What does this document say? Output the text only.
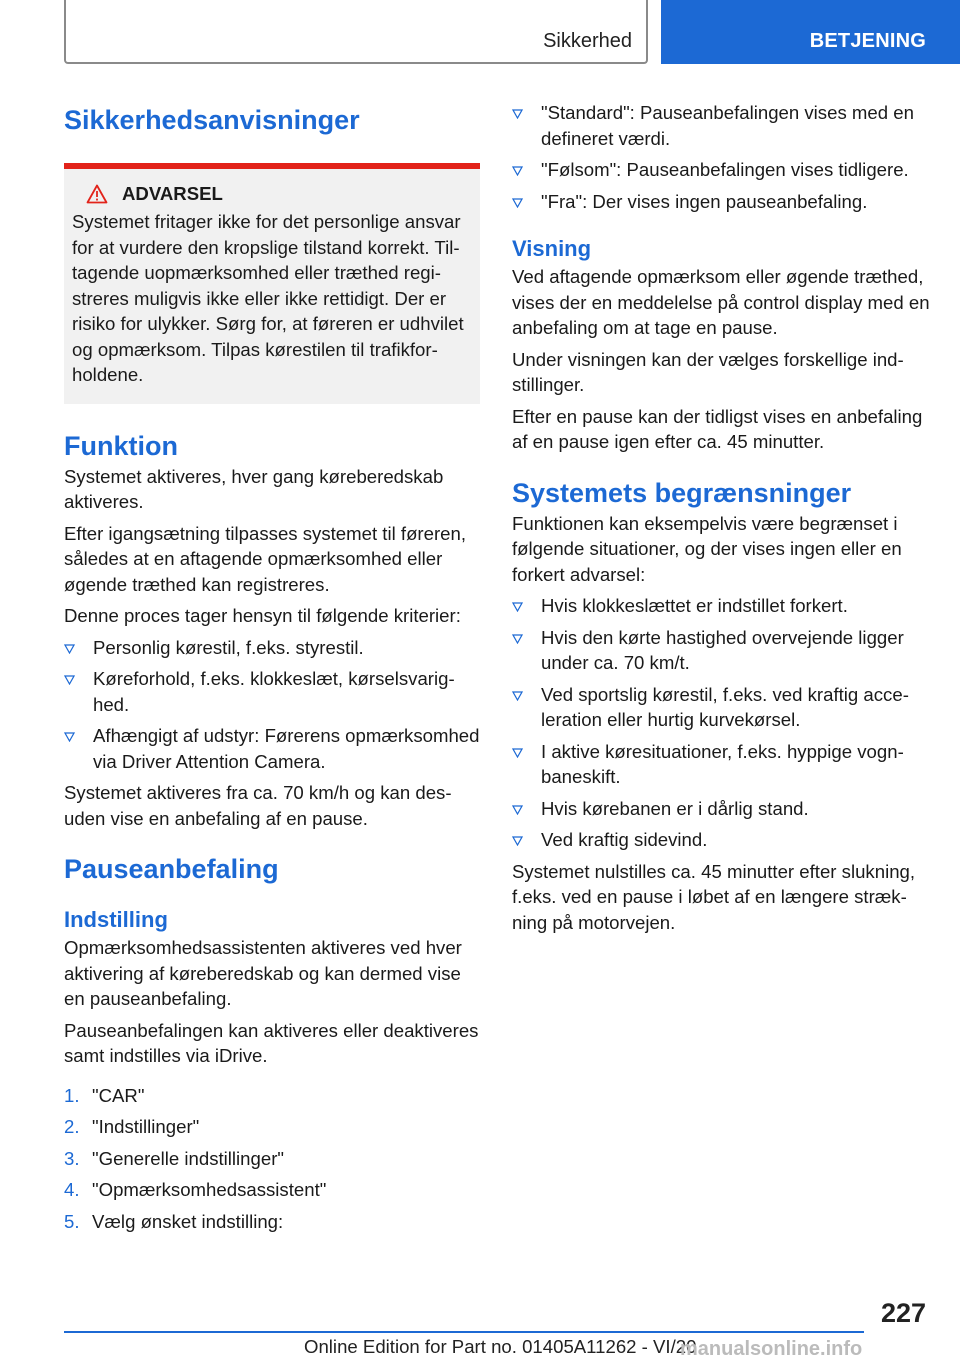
Sikkerhed	BETJENING
Sikkerhedsanvisninger
ADVARSEL
Systemet fritager ikke for det personlige ansvar for at vurdere den kropslige tilstand korrekt. Tiltagende uopmærksomhed eller træthed registreres muligvis ikke eller ikke rettidigt. Der er risiko for ulykker. Sørg for, at føreren er udhvilet og opmærksom. Tilpas kørestilen til trafikforholdene.
Funktion

Systemet aktiveres, hver gang køreberedskab aktiveres.

Efter igangsætning tilpasses systemet til føreren, således at en aftagende opmærksomhed eller øgende træthed kan registreres.

Denne proces tager hensyn til følgende kriterier:

Personlig kørestil, f.eks. styrestil.
Køreforhold, f.eks. klokkeslæt, kørselsvarighed.
Afhængigt af udstyr: Førerens opmærksomhed via Driver Attention Camera.

Systemet aktiveres fra ca. 70 km/h og kan desuden vise en anbefaling af en pause.

Pauseanbefaling
Indstilling

Opmærksomhedsassistenten aktiveres ved hver aktivering af køreberedskab og kan dermed vise en pauseanbefaling.

Pauseanbefalingen kan aktiveres eller deaktiveres samt indstilles via iDrive.

1. "CAR"
2. "Indstillinger"
3. "Generelle indstillinger"
4. "Opmærksomhedsassistent"
5. Vælg ønsket indstilling:
"Standard": Pauseanbefalingen vises med en defineret værdi.
"Følsom": Pauseanbefalingen vises tidligere.
"Fra": Der vises ingen pauseanbefaling.
Visning

Ved aftagende opmærksom eller øgende træthed, vises der en meddelelse på control display med en anbefaling om at tage en pause.

Under visningen kan der vælges forskellige indstillinger.

Efter en pause kan der tidligst vises en anbefaling af en pause igen efter ca. 45 minutter.

Systemets begrænsninger

Funktionen kan eksempelvis være begrænset i følgende situationer, og der vises ingen eller en forkert advarsel:

Hvis klokkeslættet er indstillet forkert.
Hvis den kørte hastighed overvejende ligger under ca. 70 km/t.
Ved sportslig kørestil, f.eks. ved kraftig acceleration eller hurtig kurvekørsel.
I aktive køresituationer, f.eks. hyppige vognbaneskift.
Hvis kørebanen er i dårlig stand.
Ved kraftig sidevind.

Systemet nulstilles ca. 45 minutter efter slukning, f.eks. ved en pause i løbet af en længere strækning på motorvejen.

227
Online Edition for Part no. 01405A11262 - VI/20
manualsonline.info
